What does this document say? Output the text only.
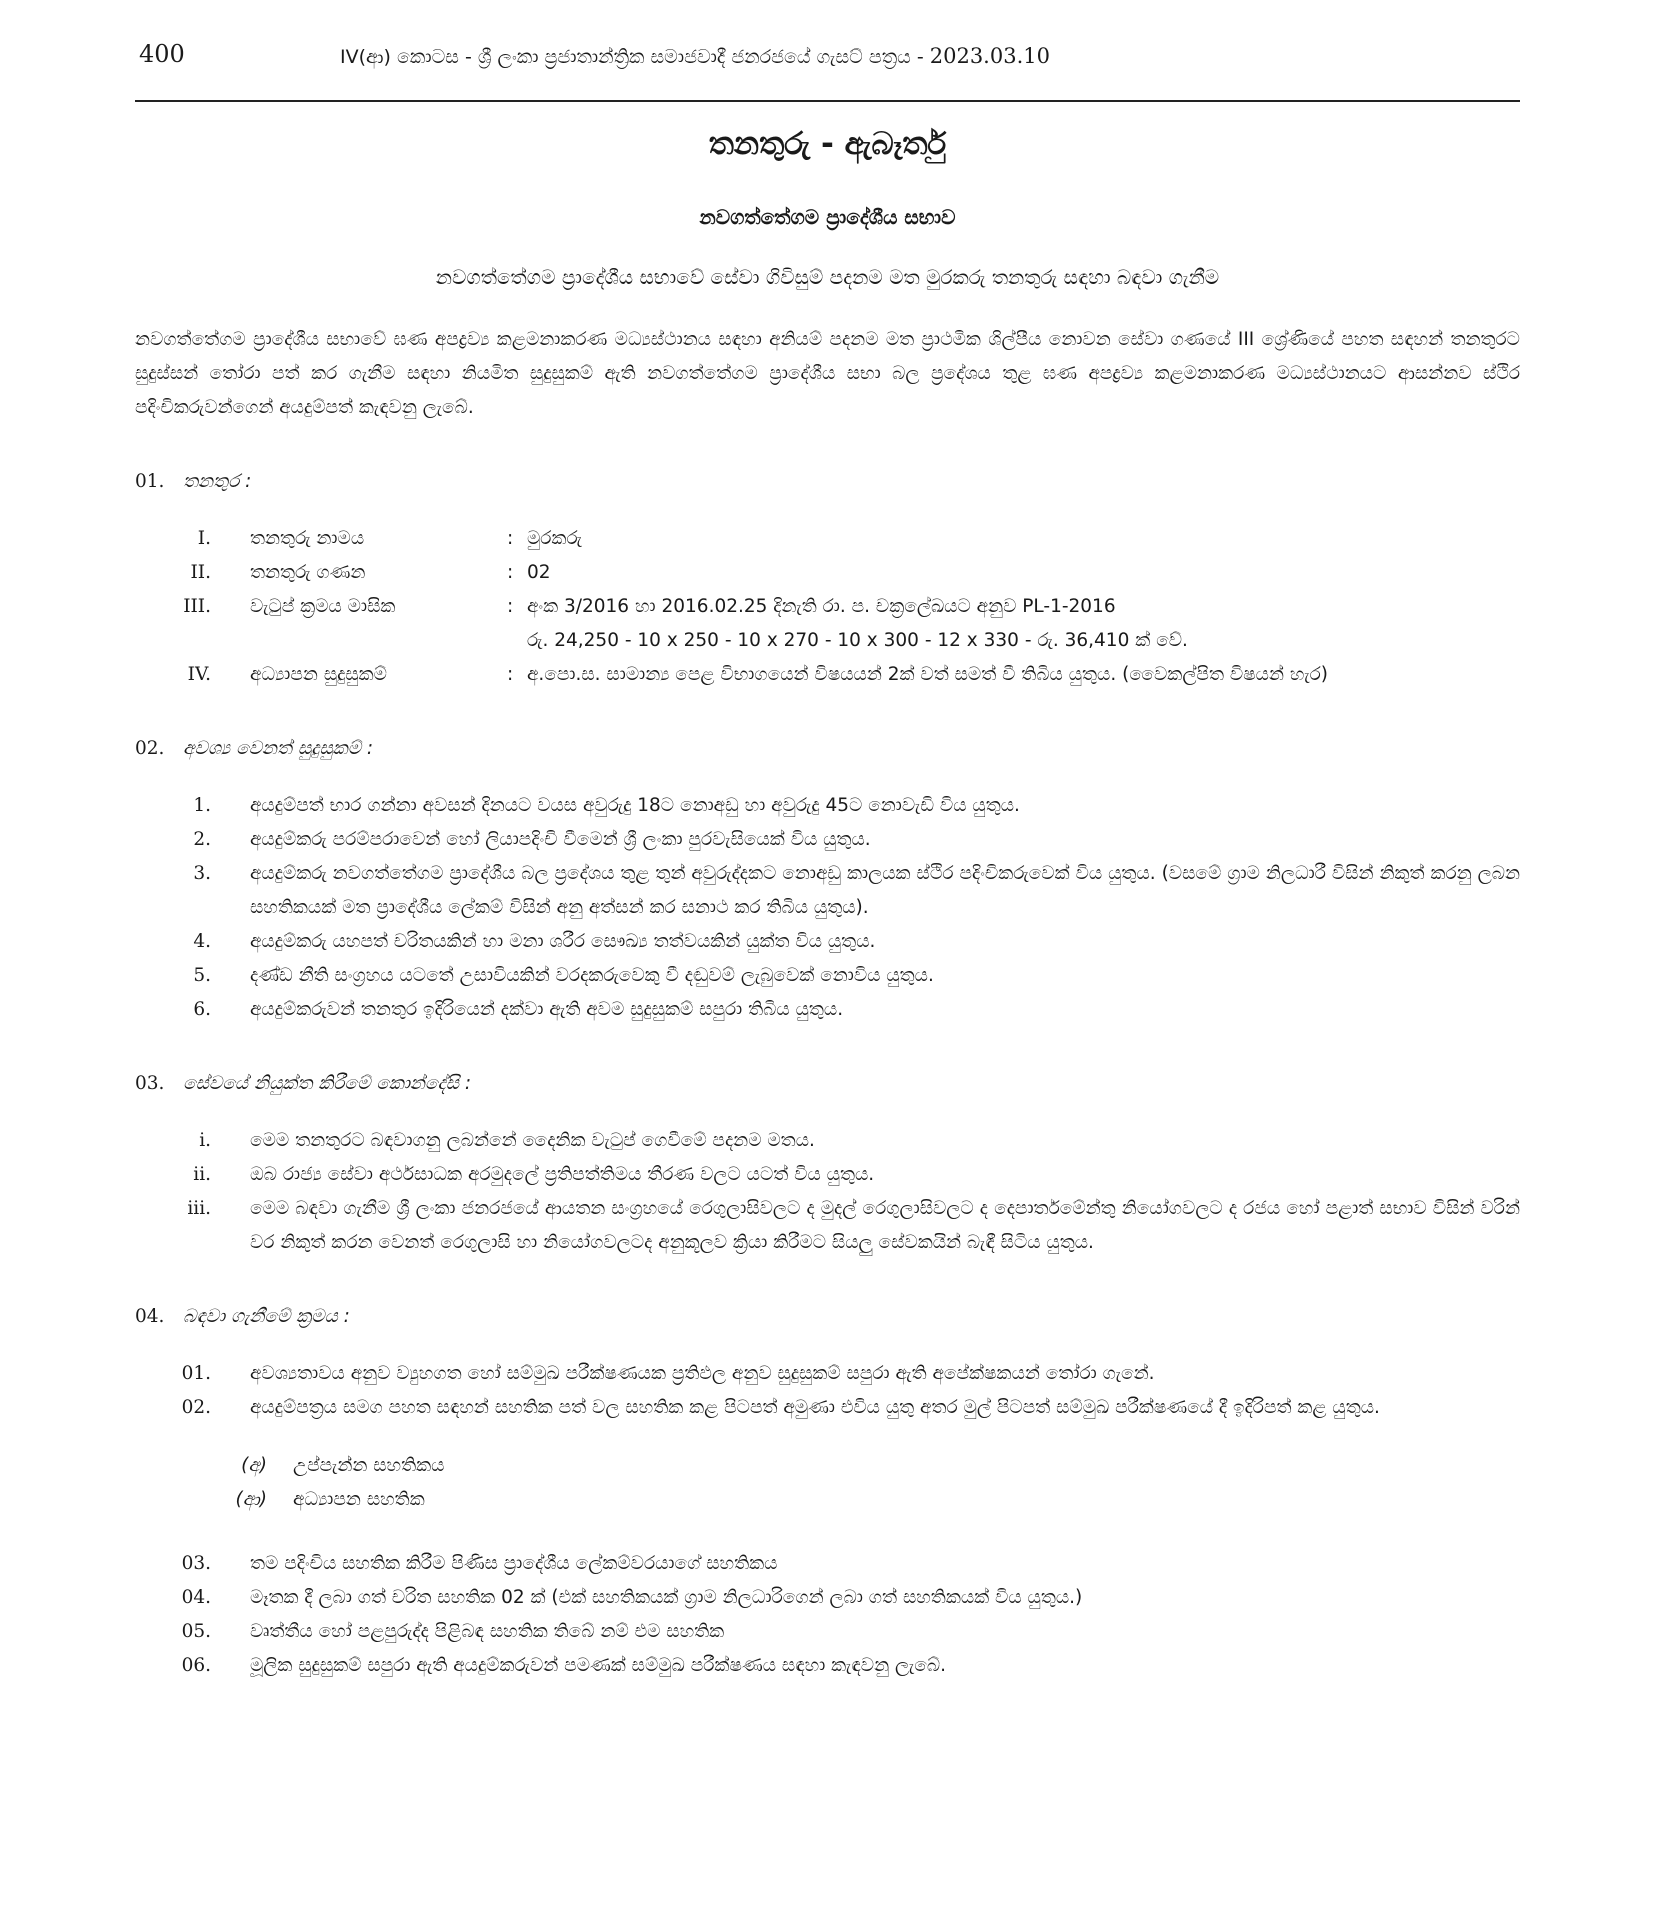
400	IV(ආ) කොටස - ශ්‍රී ලංකා ප්‍රජාතාන්ත්‍රික සමාජවාදී ජනරජයේ ගැසට් පත්‍රය - 2023.03.10
තනතුරු - ඇබෑර්තු
නවගත්තේගම ප්‍රාදේශීය සභාව
නවගත්තේගම ප්‍රාදේශීය සභාවේ සේවා ගිවිසුම් පදනම මත මුරකරු තනතුරු සඳහා බඳවා ගැනීම
නවගත්තේගම ප්‍රාදේශීය සභාවේ ඝණ අපද්‍රව්‍ය කළමනාකරණ මධ්‍යස්ථානය සඳහා අනියම් පදනම මත ප්‍රාථමික ශිල්පීය නොවන සේවා ගණයේ III ශ්‍රේණියේ පහත සඳහන් තනතුරට සුදුස්සන් තෝරා පත් කර ගැනීම සඳහා නියමිත සුදුසුකම් ඇති නවගත්තේගම ප්‍රාදේශීය සභා බල ප්‍රදේශය තුළ ඝණ අපද්‍රව්‍ය කළමනාකරණ මධ්‍යස්ථානයට ආසන්නව ස්ථිර පදිංචිකරුවන්ගෙන් අයදුම්පත් කැඳවනු ලැබේ.
01. තනතුර :
I. තනතුරු නාමය	: මුරකරු
II. තනතුරු ගණන	: 02
III. වැටුප් ක්‍රමය මාසික	: අංක 3/2016 හා 2016.02.25 දිනැති රා. ප. චක්‍රලේඛයට අනුව PL-1-2016
රු. 24,250 - 10 x 250 - 10 x 270 - 10 x 300 - 12 x 330 - රු. 36,410 ක් වේ.
IV. අධ්‍යාපන සුදුසුකම්	: අ.පො.ස. සාමාන්‍ය පෙළ විභාගයෙන් විෂයයන් 2ක් වත් සමත් වී තිබිය යුතුය. (වෛකල්පිත විෂයන් හැර)
02. අවශ්‍ය වෙනත් සුදුසුකම් :
1. අයදුම්පත් භාර ගන්නා අවසන් දිනයට වයස අවුරුදු 18ට නොඅඩු හා අවුරුදු 45ට නොවැඩි විය යුතුය.
2. අයදුම්කරු පරම්පරාවෙන් හෝ ලියාපදිංචි වීමෙන් ශ්‍රී ලංකා පුරවැසියෙක් විය යුතුය.
3. අයදුම්කරු නවගත්තේගම ප්‍රාදේශීය බල ප්‍රදේශය තුළ තුන් අවුරුද්දකට නොඅඩු කාලයක ස්ථිර පදිංචිකරුවෙක් විය යුතුය. (වසමේ ග්‍රාම නිලධාරී විසින් නිකුත් කරනු ලබන සහතිකයක් මත ප්‍රාදේශීය ලේකම් විසින් අනු අත්සන් කර සනාථ කර තිබිය යුතුය).
4. අයදුම්කරු යහපත් චරිතයකින් හා මනා ශරීර සෞඛ්‍ය තත්වයකින් යුක්ත විය යුතුය.
5. දණ්ඩ නීති සංග්‍රහය යටතේ උසාවියකින් වරදකරුවෙකු වී දඬුවම් ලැබුවෙක් නොවිය යුතුය.
6. අයදුම්කරුවන් තනතුර ඉදිරියෙන් දක්වා ඇති අවම සුදුසුකම් සපුරා තිබිය යුතුය.
03. සේවයේ නියුක්ත කිරීමේ කොන්දේසි :
i. මෙම තනතුරට බඳවාගනු ලබන්නේ දෛනික වැටුප් ගෙවීමේ පදනම මතය.
ii. ඔබ රාජ්‍ය සේවා අර්ථසාධක අරමුදලේ ප්‍රතිපත්තිමය තීරණ වලට යටත් විය යුතුය.
iii. මෙම බඳවා ගැනීම ශ්‍රී ලංකා ජනරජයේ ආයතන සංග්‍රහයේ රෙගුලාසිවලට ද මුදල් රෙගුලාසිවලට ද දෙපාර්තමේන්තු නියෝගවලට ද රජය හෝ පළාත් සභාව විසින් වරින් වර නිකුත් කරන වෙනත් රෙගුලාසි හා නියෝගවලටද අනුකූලව ක්‍රියා කිරීමට සියලු සේවකයින් බැඳී සිටිය යුතුය.
04. බඳවා ගැනීමේ ක්‍රමය :
01. අවශ්‍යතාවය අනුව ව්‍යුහගත හෝ සම්මුඛ පරීක්ෂණයක ප්‍රතිඵල අනුව සුදුසුකම් සපුරා ඇති අපේක්ෂකයන් තෝරා ගැනේ.
02. අයදුම්පත්‍රය සමග පහත සඳහන් සහතික පත් වල සහතික කළ පිටපත් අමුණා එවිය යුතු අතර මුල් පිටපත් සම්මුඛ පරීක්ෂණයේ දී ඉදිරිපත් කළ යුතුය.
(අ) උප්පැන්න සහතිකය
(ආ) අධ්‍යාපන සහතික
03. තම පදිංචිය සහතික කිරීම පිණිස ප්‍රාදේශීය ලේකම්වරයාගේ සහතිකය
04. මෑතක දී ලබා ගත් චරිත සහතික 02 ක් (එක් සහතිකයක් ග්‍රාම නිලධාරිගෙන් ලබා ගත් සහතිකයක් විය යුතුය.)
05. වෘත්තීය හෝ පළපුරුද්ද පිළිබඳ සහතික තිබේ නම් එම සහතික
06. මූලික සුදුසුකම් සපුරා ඇති අයදුම්කරුවන් පමණක් සම්මුඛ පරීක්ෂණය සඳහා කැඳවනු ලැබේ.
